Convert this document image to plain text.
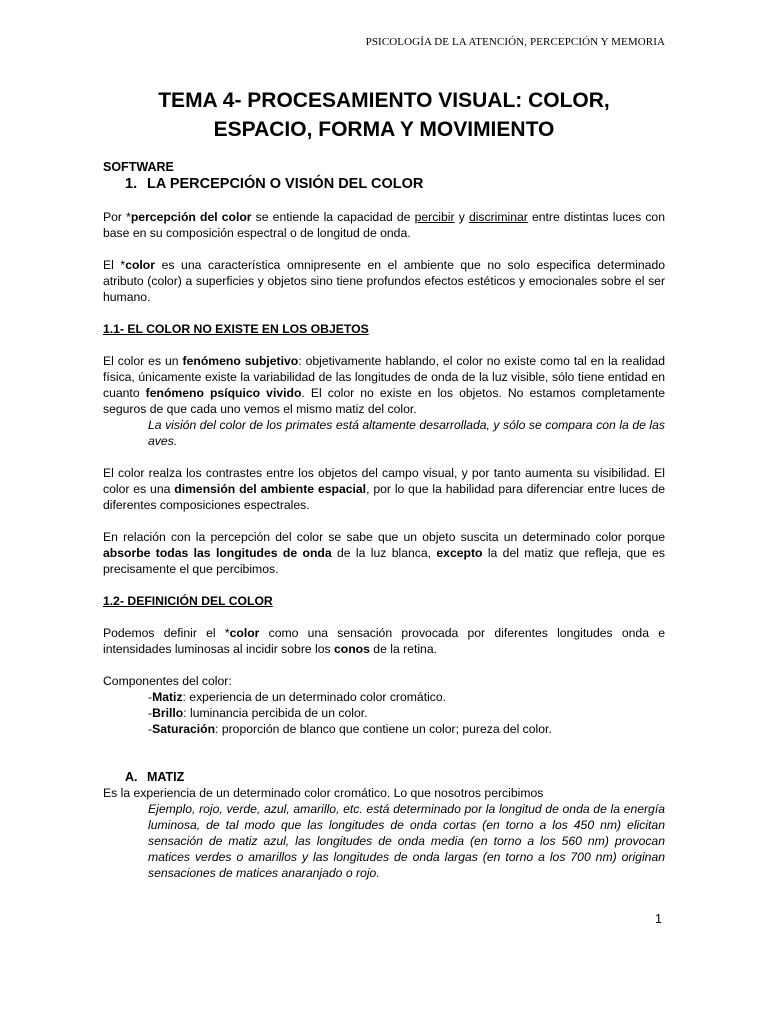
PSICOLOGÍA DE LA ATENCIÓN, PERCEPCIÓN Y MEMORIA
TEMA 4- PROCESAMIENTO VISUAL: COLOR,
ESPACIO, FORMA Y MOVIMIENTO
SOFTWARE
1. LA PERCEPCIÓN O VISIÓN DEL COLOR

Por *percepción del color se entiende la capacidad de percibir y discriminar entre distintas luces con base en su composición espectral o de longitud de onda.

El *color es una característica omnipresente en el ambiente que no solo especifica determinado atributo (color) a superficies y objetos sino tiene profundos efectos estéticos y emocionales sobre el ser humano.

1.1- EL COLOR NO EXISTE EN LOS OBJETOS

El color es un fenómeno subjetivo: objetivamente hablando, el color no existe como tal en la realidad física, únicamente existe la variabilidad de las longitudes de onda de la luz visible, sólo tiene entidad en cuanto fenómeno psíquico vivido. El color no existe en los objetos. No estamos completamente seguros de que cada uno vemos el mismo matiz del color.

La visión del color de los primates está altamente desarrollada, y sólo se compara con la de las aves.

El color realza los contrastes entre los objetos del campo visual, y por tanto aumenta su visibilidad. El color es una dimensión del ambiente espacial, por lo que la habilidad para diferenciar entre luces de diferentes composiciones espectrales.

En relación con la percepción del color se sabe que un objeto suscita un determinado color porque absorbe todas las longitudes de onda de la luz blanca, excepto la del matiz que refleja, que es precisamente el que percibimos.

1.2- DEFINICIÓN DEL COLOR

Podemos definir el *color como una sensación provocada por diferentes longitudes onda e intensidades luminosas al incidir sobre los conos de la retina.

Componentes del color:

-Matiz: experiencia de un determinado color cromático.
-Brillo: luminancia percibida de un color.
-Saturación: proporción de blanco que contiene un color; pureza del color.
A. MATIZ

Es la experiencia de un determinado color cromático. Lo que nosotros percibimos

Ejemplo, rojo, verde, azul, amarillo, etc. está determinado por la longitud de onda de la energía luminosa, de tal modo que las longitudes de onda cortas (en torno a los 450 nm) elicitan sensación de matiz azul, las longitudes de onda media (en torno a los 560 nm) provocan matices verdes o amarillos y las longitudes de onda largas (en torno a los 700 nm) originan sensaciones de matices anaranjado o rojo.

1
